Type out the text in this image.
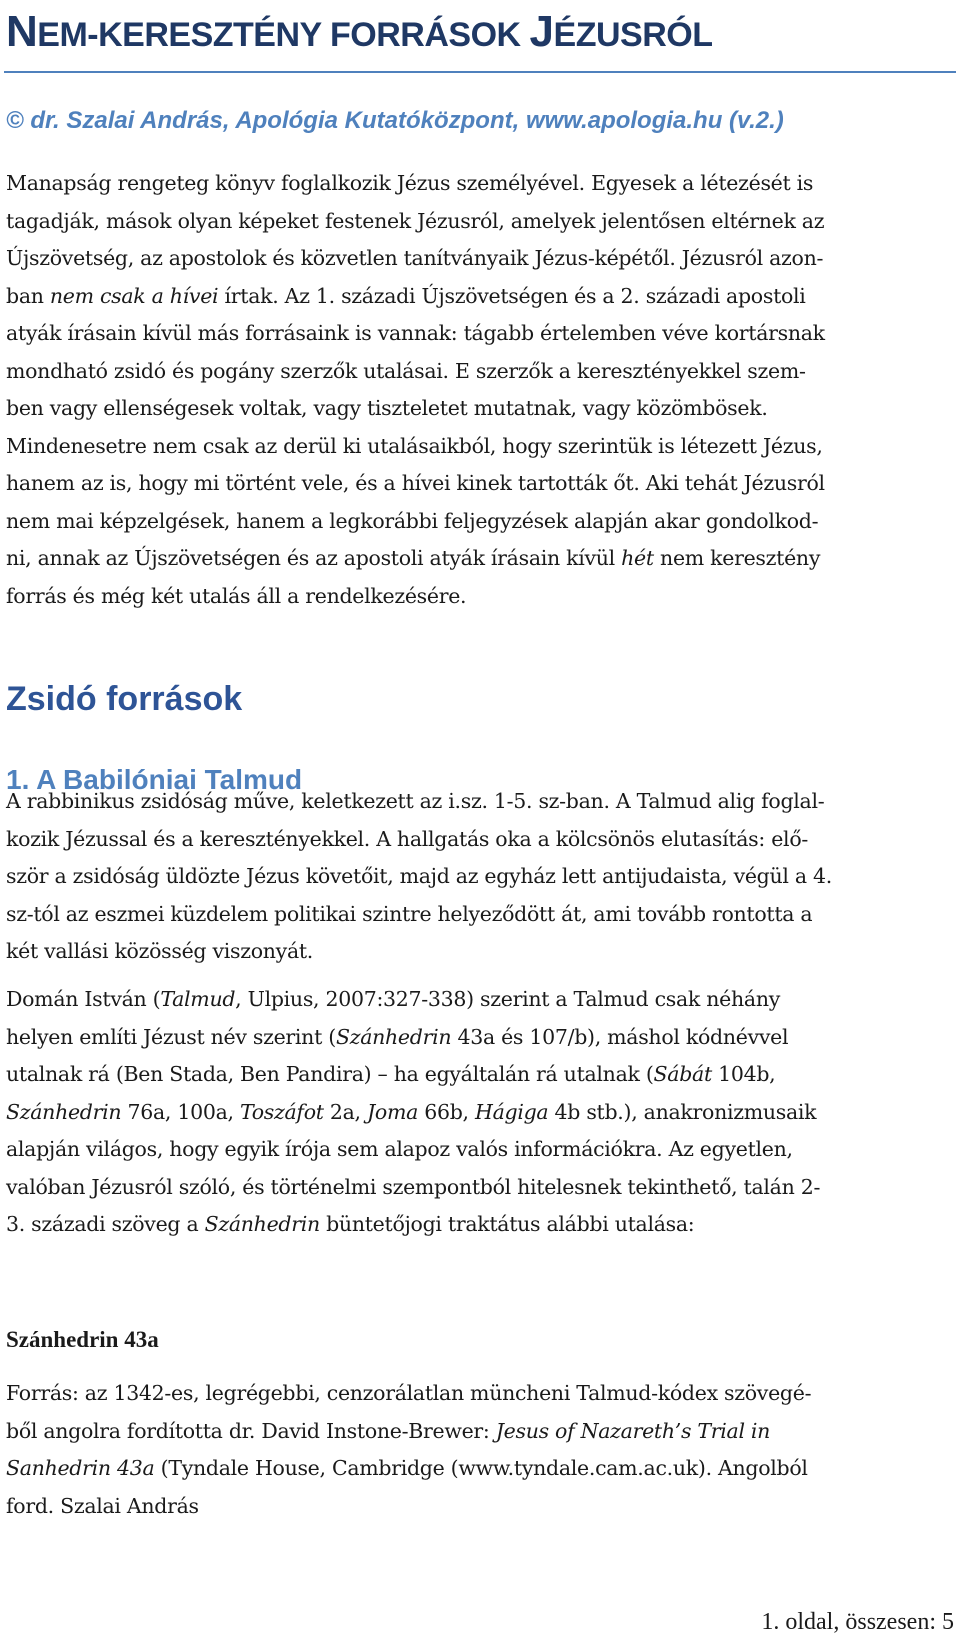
NEM-KERESZTÉNY FORRÁSOK JÉZUSRÓL
© dr. Szalai András, Apológia Kutatóközpont, www.apologia.hu (v.2.)

Manapság rengeteg könyv foglalkozik Jézus személyével. Egyesek a létezését is
tagadják, mások olyan képeket festenek Jézusról, amelyek jelentősen eltérnek az
Újszövetség, az apostolok és közvetlen tanítványaik Jézus-képétől. Jézusról azon-
ban nem csak a hívei írtak. Az 1. századi Újszövetségen és a 2. századi apostoli
atyák írásain kívül más forrásaink is vannak: tágabb értelemben véve kortársnak
mondható zsidó és pogány szerzők utalásai. E szerzők a keresztényekkel szem-
ben vagy ellenségesek voltak, vagy tiszteletet mutatnak, vagy közömbösek.
Mindenesetre nem csak az derül ki utalásaikból, hogy szerintük is létezett Jézus,
hanem az is, hogy mi történt vele, és a hívei kinek tartották őt. Aki tehát Jézusról
nem mai képzelgések, hanem a legkorábbi feljegyzések alapján akar gondolkod-
ni, annak az Újszövetségen és az apostoli atyák írásain kívül hét nem keresztény
forrás és még két utalás áll a rendelkezésére.

Zsidó források
1. A Babilóniai Talmud

A rabbinikus zsidóság műve, keletkezett az i.sz. 1-5. sz-ban. A Talmud alig foglal-
kozik Jézussal és a keresztényekkel. A hallgatás oka a kölcsönös elutasítás: elő-
ször a zsidóság üldözte Jézus követőit, majd az egyház lett antijudaista, végül a 4.
sz-tól az eszmei küzdelem politikai szintre helyeződött át, ami tovább rontotta a
két vallási közösség viszonyát.

Domán István (Talmud, Ulpius, 2007:327-338) szerint a Talmud csak néhány
helyen említi Jézust név szerint (Szánhedrin 43a és 107/b), máshol kódnévvel
utalnak rá (Ben Stada, Ben Pandira) – ha egyáltalán rá utalnak (Sábát 104b,
Szánhedrin 76a, 100a, Toszáfot 2a, Joma 66b, Hágiga 4b stb.), anakronizmusaik
alapján világos, hogy egyik írója sem alapoz valós információkra. Az egyetlen,
valóban Jézusról szóló, és történelmi szempontból hitelesnek tekinthető, talán 2-
3. századi szöveg a Szánhedrin büntetőjogi traktátus alábbi utalása:

Szánhedrin 43a

Forrás: az 1342-es, legrégebbi, cenzorálatlan müncheni Talmud-kódex szövegé-
ből angolra fordította dr. David Instone-Brewer: Jesus of Nazareth’s Trial in
Sanhedrin 43a (Tyndale House, Cambridge (www.tyndale.cam.ac.uk). Angolból
ford. Szalai András

1. oldal, összesen: 5
